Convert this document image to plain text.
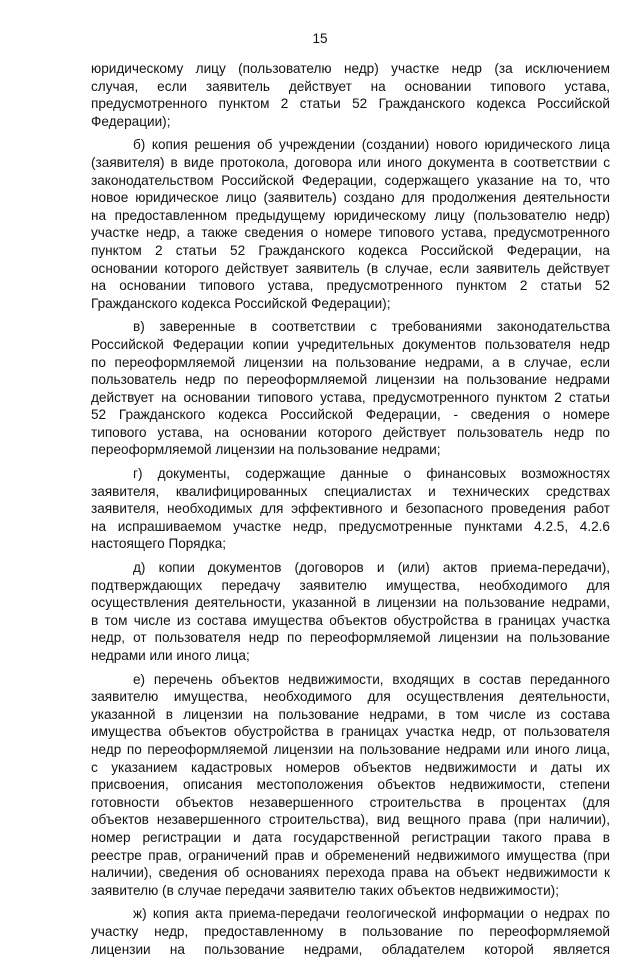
15

юридическому лицу (пользователю недр) участке недр (за исключением
случая, если заявитель действует на основании типового устава,
предусмотренного пунктом 2 статьи 52 Гражданского кодекса Российской
Федерации);

б) копия решения об учреждении (создании) нового юридического лица
(заявителя) в виде протокола, договора или иного документа в соответствии с
законодательством Российской Федерации, содержащего указание на то, что
новое юридическое лицо (заявитель) создано для продолжения деятельности
на предоставленном предыдущему юридическому лицу (пользователю недр)
участке недр, а также сведения о номере типового устава, предусмотренного
пунктом 2 статьи 52 Гражданского кодекса Российской Федерации, на
основании которого действует заявитель (в случае, если заявитель действует
на основании типового устава, предусмотренного пунктом 2 статьи 52
Гражданского кодекса Российской Федерации);

в) заверенные в соответствии с требованиями законодательства
Российской Федерации копии учредительных документов пользователя недр
по переоформляемой лицензии на пользование недрами, а в случае, если
пользователь недр по переоформляемой лицензии на пользование недрами
действует на основании типового устава, предусмотренного пунктом 2 статьи
52 Гражданского кодекса Российской Федерации, - сведения о номере
типового устава, на основании которого действует пользователь недр по
переоформляемой лицензии на пользование недрами;

г) документы, содержащие данные о финансовых возможностях
заявителя, квалифицированных специалистах и технических средствах
заявителя, необходимых для эффективного и безопасного проведения работ
на испрашиваемом участке недр, предусмотренные пунктами 4.2.5, 4.2.6
настоящего Порядка;

д) копии документов (договоров и (или) актов приема-передачи),
подтверждающих передачу заявителю имущества, необходимого для
осуществления деятельности, указанной в лицензии на пользование недрами,
в том числе из состава имущества объектов обустройства в границах участка
недр, от пользователя недр по переоформляемой лицензии на пользование
недрами или иного лица;

е) перечень объектов недвижимости, входящих в состав переданного
заявителю имущества, необходимого для осуществления деятельности,
указанной в лицензии на пользование недрами, в том числе из состава
имущества объектов обустройства в границах участка недр, от пользователя
недр по переоформляемой лицензии на пользование недрами или иного лица,
с указанием кадастровых номеров объектов недвижимости и даты их
присвоения, описания местоположения объектов недвижимости, степени
готовности объектов незавершенного строительства в процентах (для
объектов незавершенного строительства), вид вещного права (при наличии),
номер регистрации и дата государственной регистрации такого права в
реестре прав, ограничений прав и обременений недвижимого имущества (при
наличии), сведения об основаниях перехода права на объект недвижимости к
заявителю (в случае передачи заявителю таких объектов недвижимости);

ж) копия акта приема-передачи геологической информации о недрах по
участку недр, предоставленному в пользование по переоформляемой
лицензии на пользование недрами, обладателем которой является
